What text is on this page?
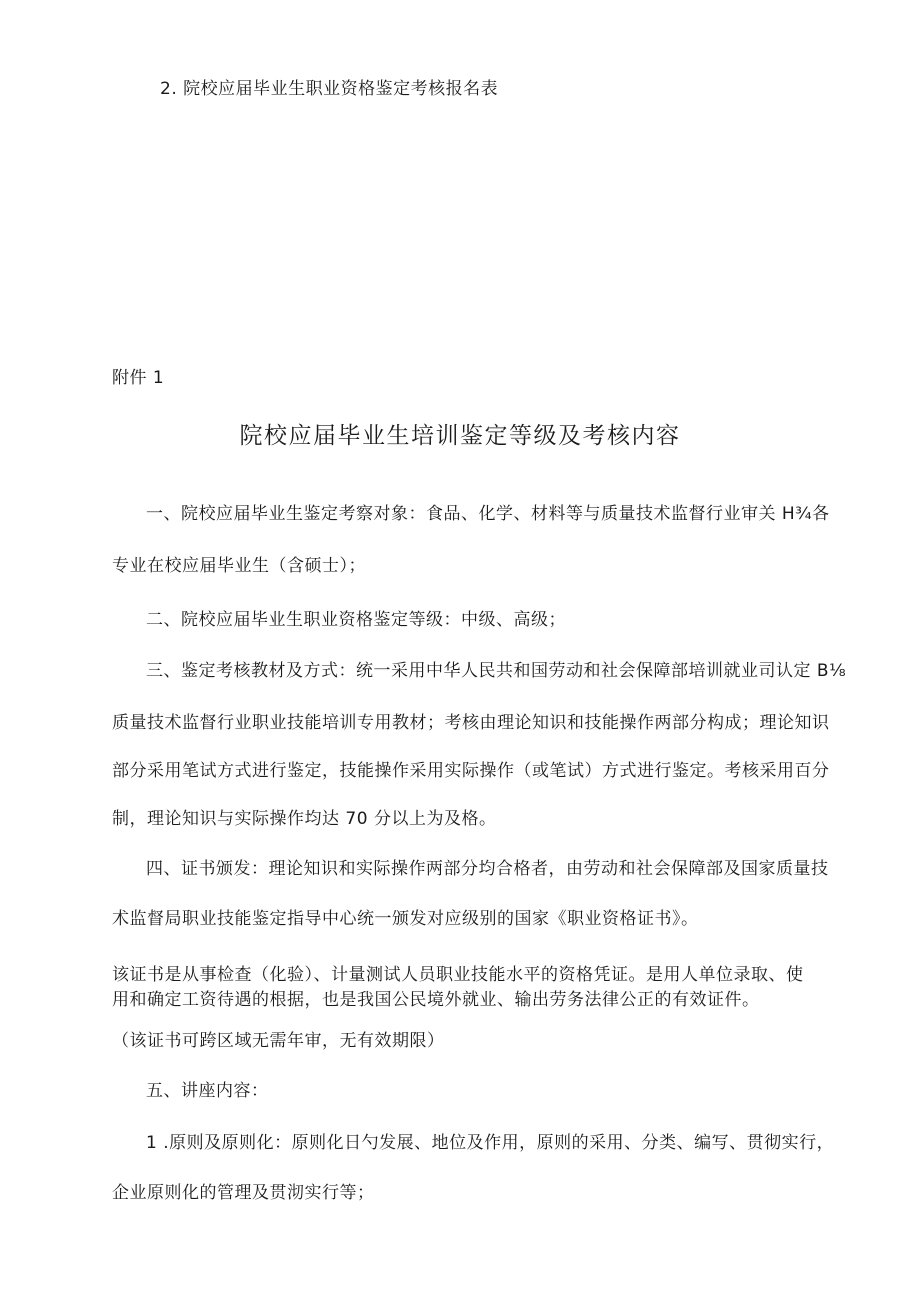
2. 院校应届毕业生职业资格鉴定考核报名表
附件 1
院校应届毕业生培训鉴定等级及考核内容
一、院校应届毕业生鉴定考察对象：食品、化学、材料等与质量技术监督行业审关 H¾各
专业在校应届毕业生（含硕士）；
二、院校应届毕业生职业资格鉴定等级：中级、高级；
三、鉴定考核教材及方式：统一采用中华人民共和国劳动和社会保障部培训就业司认定 B⅛
质量技术监督行业职业技能培训专用教材；考核由理论知识和技能操作两部分构成；理论知识
部分采用笔试方式进行鉴定，技能操作采用实际操作（或笔试）方式进行鉴定。考核采用百分
制，理论知识与实际操作均达 70 分以上为及格。
四、证书颁发：理论知识和实际操作两部分均合格者，由劳动和社会保障部及国家质量技
术监督局职业技能鉴定指导中心统一颁发对应级别的国家《职业资格证书》。
该证书是从事检查（化验）、计量测试人员职业技能水平的资格凭证。是用人单位录取、使
用和确定工资待遇的根据，也是我国公民境外就业、输出劳务法律公正的有效证件。
（该证书可跨区域无需年审，无有效期限）
五、讲座内容：
1 .原则及原则化：原则化日勺发展、地位及作用，原则的采用、分类、编写、贯彻实行，
企业原则化的管理及贯沏实行等；
